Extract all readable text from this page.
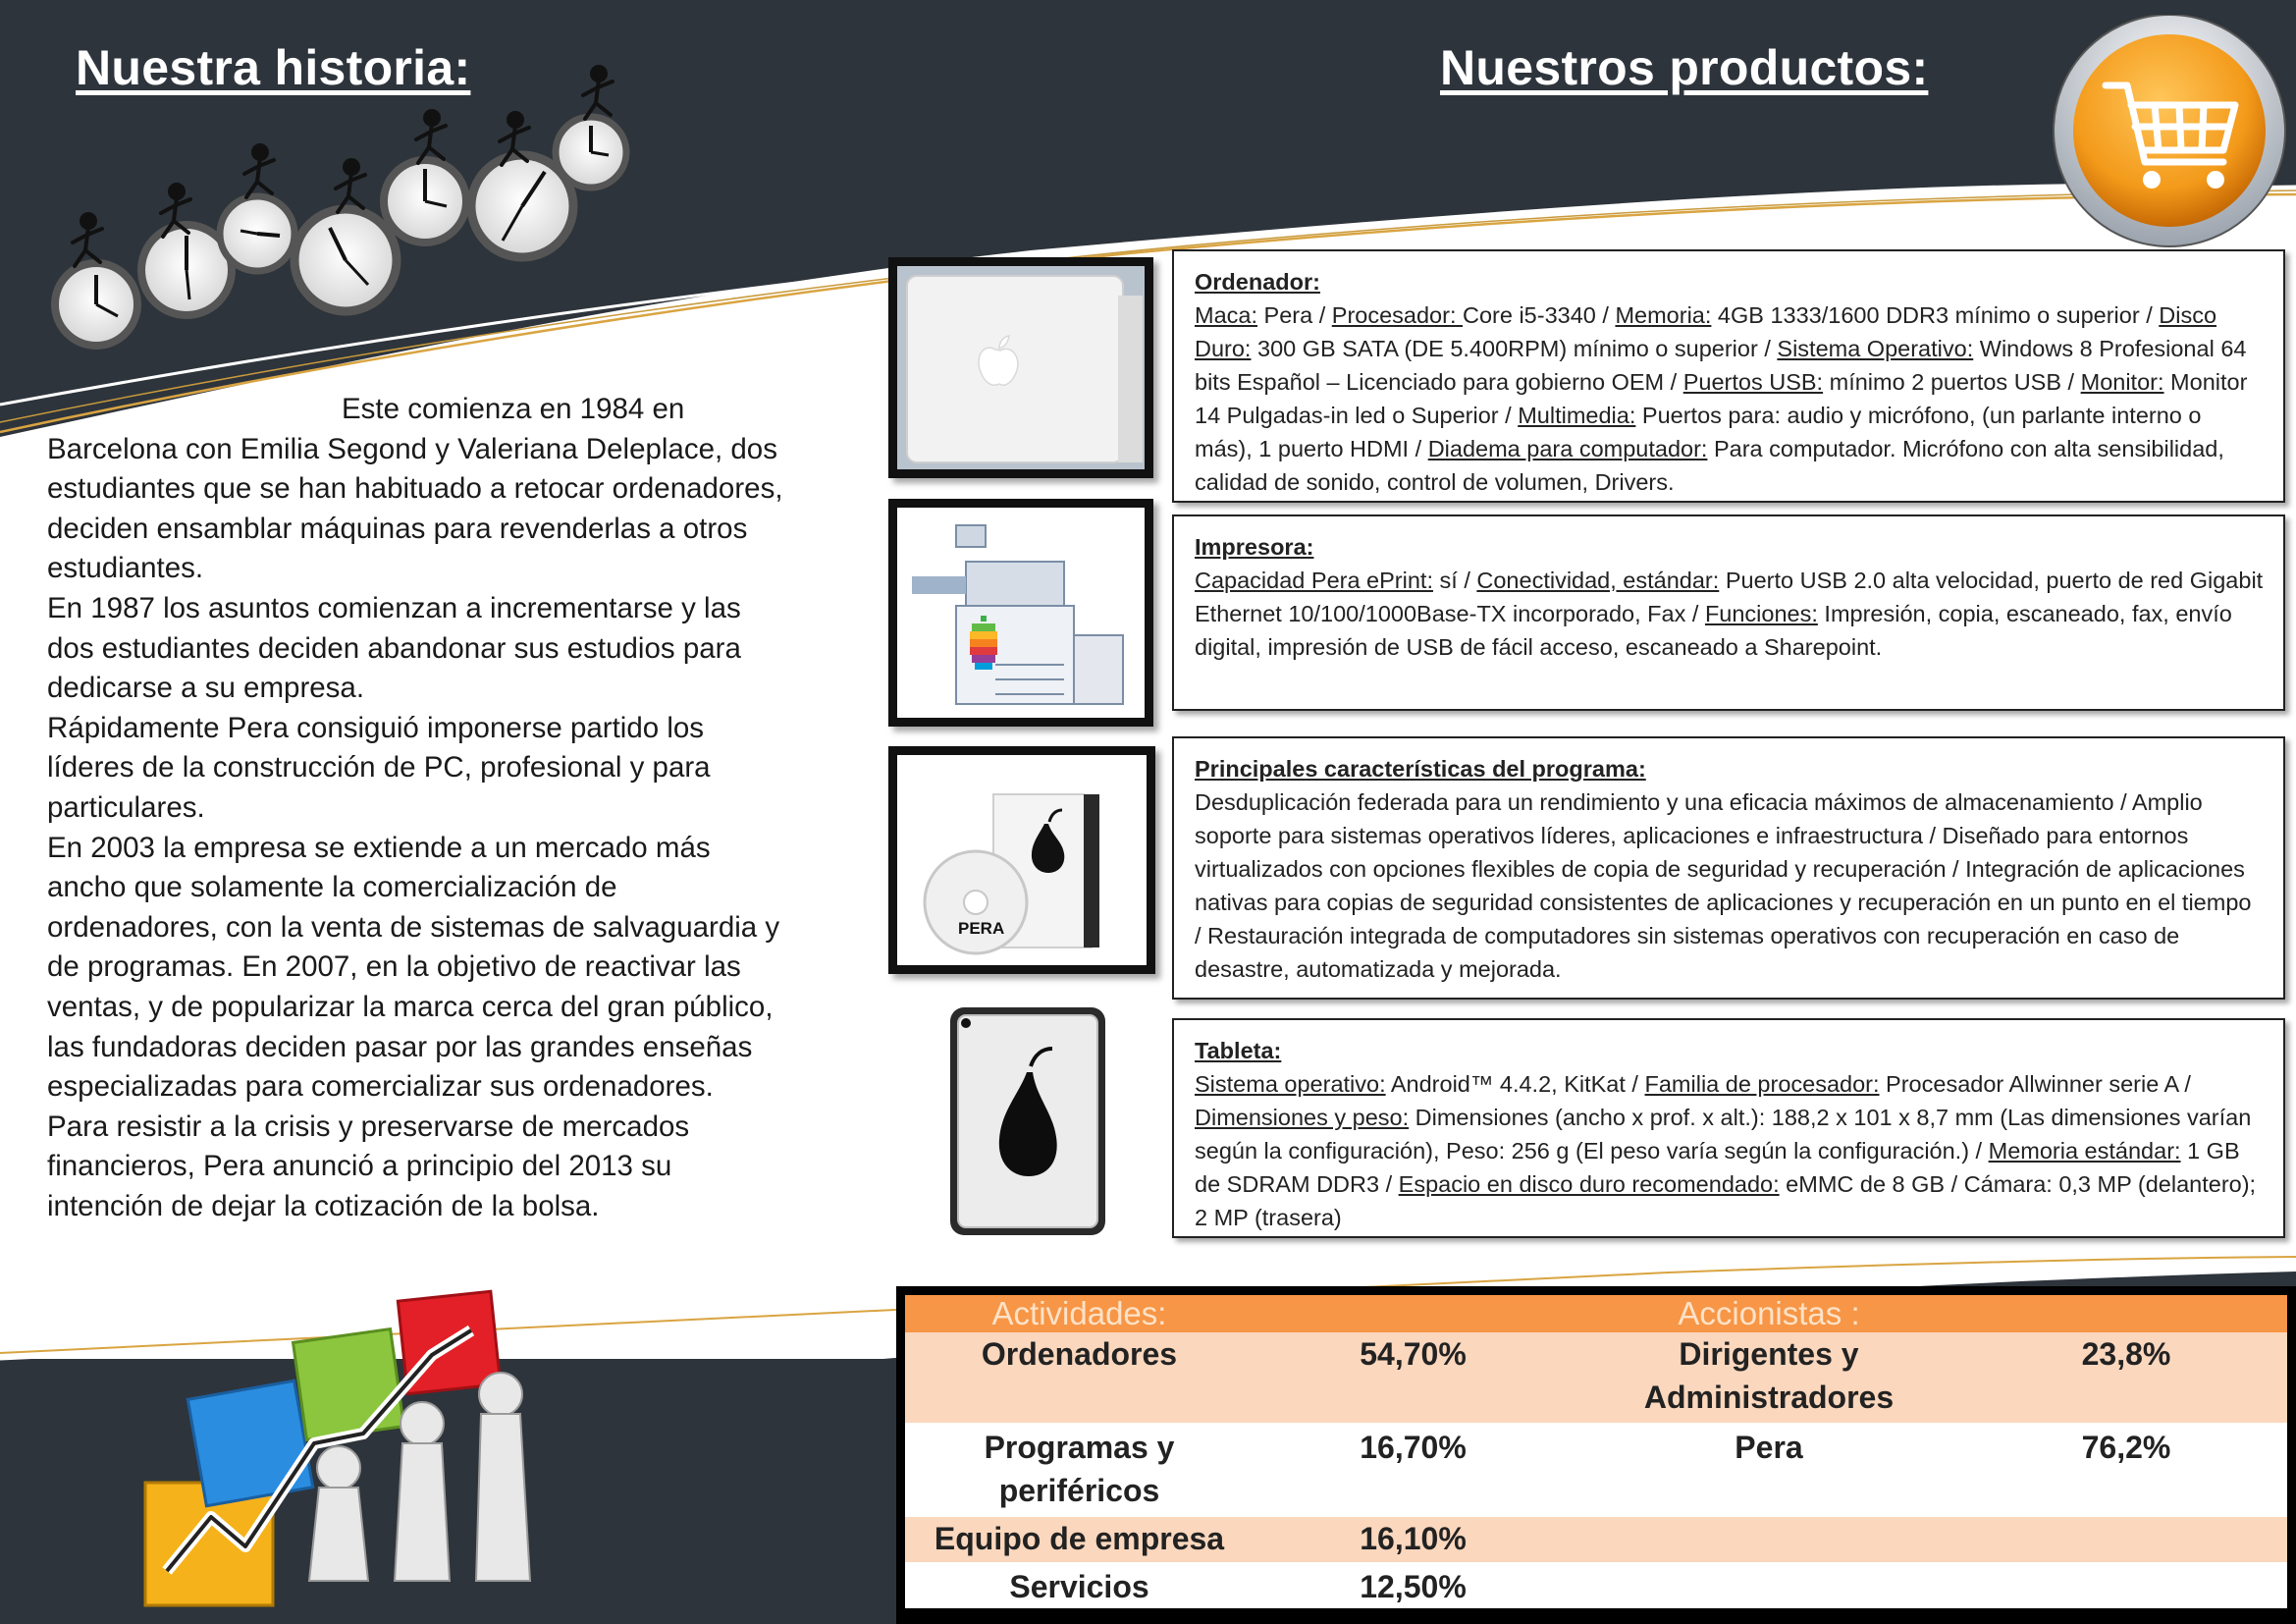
Nuestra historia:	Nuestros productos:

Este comienza en 1984 en Barcelona con Emilia Segond y Valeriana Deleplace, dos estudiantes que se han habituado a retocar ordenadores, deciden ensamblar máquinas para revenderlas a otros estudiantes.

En 1987 los asuntos comienzan a incrementarse y las dos estudiantes deciden abandonar sus estudios para dedicarse a su empresa.

Rápidamente Pera consiguió imponerse partido los líderes de la construcción de PC, profesional y para particulares.

En 2003 la empresa se extiende a un mercado más ancho que solamente la comercialización de ordenadores, con la venta de sistemas de salvaguardia y de programas. En 2007, en la objetivo de reactivar las ventas, y de popularizar la marca cerca del gran público, las fundadoras deciden pasar por las grandes enseñas especializadas para comercializar sus ordenadores.

Para resistir a la crisis y preservarse de mercados financieros, Pera anunció a principio del 2013 su intención de dejar la cotización de la bolsa.

PERA
Ordenador:
Maca: Pera / Procesador: Core i5-3340 / Memoria: 4GB 1333/1600 DDR3 mínimo o superior / Disco Duro: 300 GB SATA (DE 5.400RPM) mínimo o superior / Sistema Operativo: Windows 8 Profesional 64 bits Español – Licenciado para gobierno OEM / Puertos USB: mínimo 2 puertos USB / Monitor: Monitor 14 Pulgadas-in led o Superior / Multimedia: Puertos para: audio y micrófono, (un parlante interno o más), 1 puerto HDMI / Diadema para computador: Para computador. Micrófono con alta sensibilidad, calidad de sonido, control de volumen, Drivers.
Impresora:
Capacidad Pera ePrint: sí / Conectividad, estándar: Puerto USB 2.0 alta velocidad, puerto de red Gigabit Ethernet 10/100/1000Base-TX incorporado, Fax / Funciones: Impresión, copia, escaneado, fax, envío digital, impresión de USB de fácil acceso, escaneado a Sharepoint.
Principales características del programa:
Desduplicación federada para un rendimiento y una eficacia máximos de almacenamiento / Amplio soporte para sistemas operativos líderes, aplicaciones e infraestructura / Diseñado para entornos virtualizados con opciones flexibles de copia de seguridad y recuperación / Integración de aplicaciones nativas para copias de seguridad consistentes de aplicaciones y recuperación en un punto en el tiempo / Restauración integrada de computadores sin sistemas operativos con recuperación en caso de desastre, automatizada y mejorada.
Tableta:
Sistema operativo: Android™ 4.4.2, KitKat / Familia de procesador: Procesador Allwinner serie A / Dimensiones y peso: Dimensiones (ancho x prof. x alt.): 188,2 x 101 x 8,7 mm (Las dimensiones varían según la configuración), Peso: 256 g (El peso varía según la configuración.) / Memoria estándar: 1 GB de SDRAM DDR3 / Espacio en disco duro recomendado: eMMC de 8 GB / Cámara: 0,3 MP (delantero); 2 MP (trasera)
Actividades:		Accionistas :	
Ordenadores	54,70%	Dirigentes y Administradores	23,8%
Programas y periféricos	16,70%	Pera	76,2%
Equipo de empresa	16,10%		
Servicios	12,50%		
